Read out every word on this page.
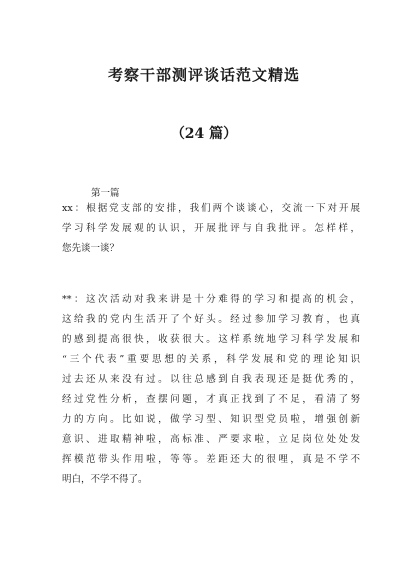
考察干部测评谈话范文精选
（24 篇）
第一篇
xx：根据党支部的安排，我们两个谈谈心，交流一下对开展
学习科学发展观的认识，开展批评与自我批评。怎样样，
您先谈一谈？
**：这次活动对我来讲是十分难得的学习和提高的机会，
这给我的党内生活开了个好头。经过参加学习教育，也真
的感到提高很快，收获很大。这样系统地学习科学发展和
“三个代表”重要思想的关系，科学发展和党的理论知识
过去还从来没有过。以往总感到自我表现还是挺优秀的，
经过党性分析，查摆问题，才真正找到了不足，看清了努
力的方向。比如说，做学习型、知识型党员啦，增强创新
意识、进取精神啦，高标准、严要求啦，立足岗位处处发
挥模范带头作用啦，等等。差距还大的很哩，真是不学不
明白，不学不得了。
